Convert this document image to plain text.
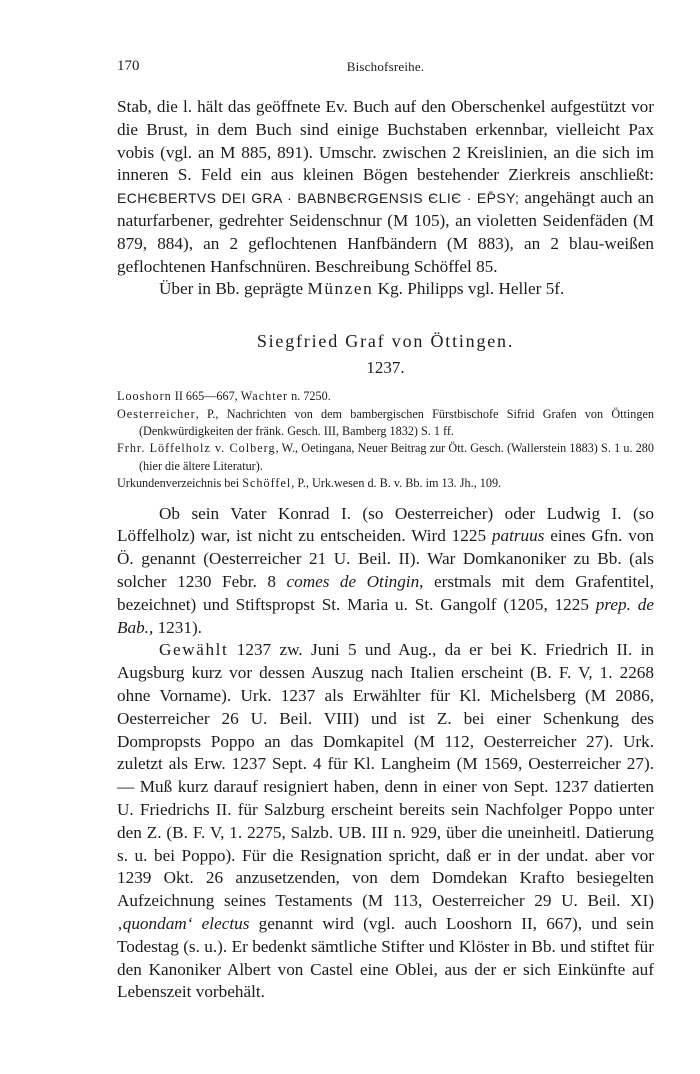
170	Bischofsreihe.

Stab, die l. hält das geöffnete Ev. Buch auf den Oberschenkel aufgestützt vor die Brust, in dem Buch sind einige Buchstaben erkennbar, vielleicht Pax vobis (vgl. an M 885, 891). Umschr. zwischen 2 Kreislinien, an die sich im inneren S. Feld ein aus kleinen Bögen bestehender Zierkreis anschließt: ECHЄBERTVS DEI GRA · BABNBЄRGENSIS ЄLIЄ · EP̄SY; angehängt auch an naturfarbener, gedrehter Seidenschnur (M 105), an violetten Seidenfäden (M 879, 884), an 2 geflochtenen Hanfbändern (M 883), an 2 blau-weißen geflochtenen Hanfschnüren. Beschreibung Schöffel 85.

Über in Bb. geprägte Münzen Kg. Philipps vgl. Heller 5f.

Siegfried Graf von Öttingen.
1237.
Looshorn II 665—667, Wachter n. 7250.
Oesterreicher, P., Nachrichten von dem bambergischen Fürstbischofe Sifrid Grafen von Öttingen (Denkwürdigkeiten der fränk. Gesch. III, Bamberg 1832) S. 1 ff.
Frhr. Löffelholz v. Colberg, W., Oetingana, Neuer Beitrag zur Ött. Gesch. (Wallerstein 1883) S. 1 u. 280 (hier die ältere Literatur).
Urkundenverzeichnis bei Schöffel, P., Urk.wesen d. B. v. Bb. im 13. Jh., 109.

Ob sein Vater Konrad I. (so Oesterreicher) oder Ludwig I. (so Löffelholz) war, ist nicht zu entscheiden. Wird 1225 patruus eines Gfn. von Ö. genannt (Oesterreicher 21 U. Beil. II). War Domkanoniker zu Bb. (als solcher 1230 Febr. 8 comes de Otingin, erstmals mit dem Grafentitel, bezeichnet) und Stiftspropst St. Maria u. St. Gangolf (1205, 1225 prep. de Bab., 1231).

Gewählt 1237 zw. Juni 5 und Aug., da er bei K. Friedrich II. in Augsburg kurz vor dessen Auszug nach Italien erscheint (B. F. V, 1. 2268 ohne Vorname). Urk. 1237 als Erwählter für Kl. Michelsberg (M 2086, Oesterreicher 26 U. Beil. VIII) und ist Z. bei einer Schenkung des Dompropsts Poppo an das Domkapitel (M 112, Oesterreicher 27). Urk. zuletzt als Erw. 1237 Sept. 4 für Kl. Langheim (M 1569, Oesterreicher 27). — Muß kurz darauf resigniert haben, denn in einer von Sept. 1237 datierten U. Friedrichs II. für Salzburg erscheint bereits sein Nachfolger Poppo unter den Z. (B. F. V, 1. 2275, Salzb. UB. III n. 929, über die uneinheitl. Datierung s. u. bei Poppo). Für die Resignation spricht, daß er in der undat. aber vor 1239 Okt. 26 anzusetzenden, von dem Domdekan Krafto besiegelten Aufzeichnung seines Testaments (M 113, Oesterreicher 29 U. Beil. XI) ‚quondam‘ electus genannt wird (vgl. auch Looshorn II, 667), und sein Todestag (s. u.). Er bedenkt sämtliche Stifter und Klöster in Bb. und stiftet für den Kanoniker Albert von Castel eine Oblei, aus der er sich Einkünfte auf Lebenszeit vorbehält.
